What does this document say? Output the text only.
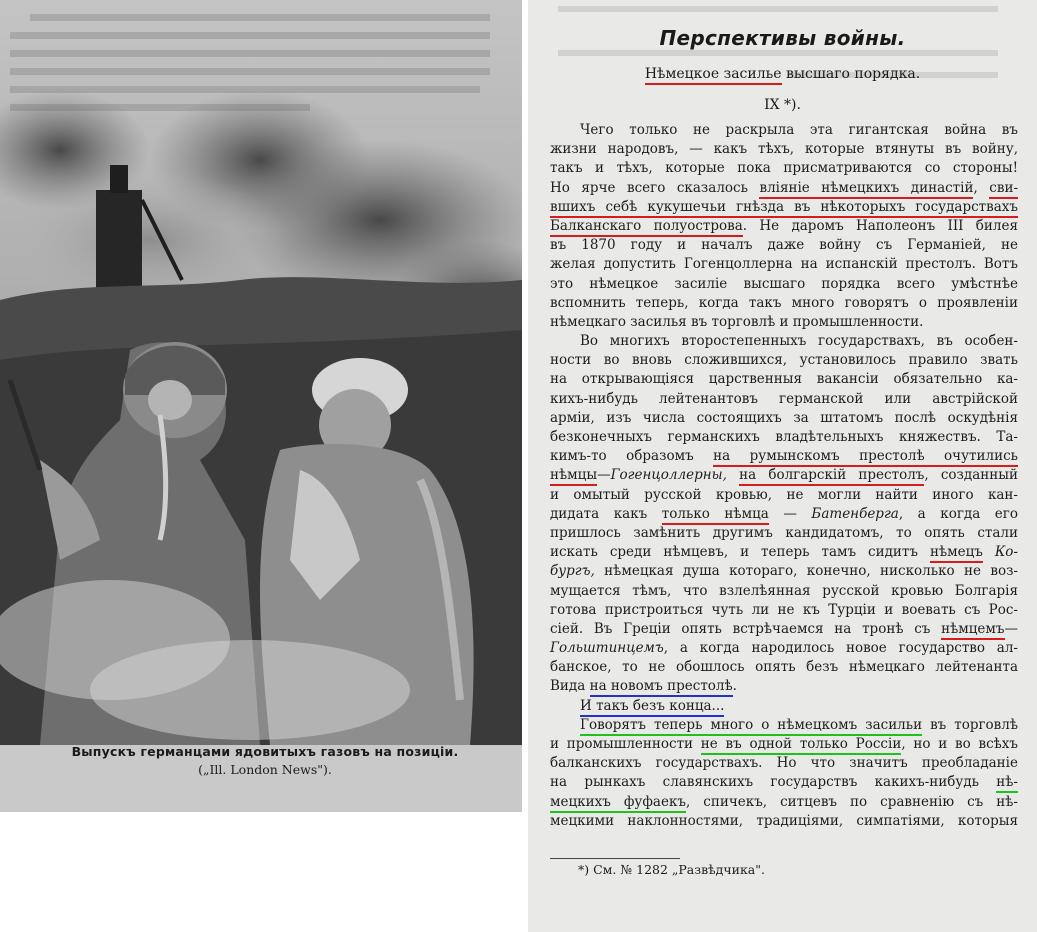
Выпускъ германцами ядовитыхъ газовъ на позиціи.
(„Ill. London News").
Перспективы войны.
Нѣмецкое засилье высшаго порядка.
IX *).
Чего только не раскрыла эта гигантская война въ
жизни народовъ, — какъ тѣхъ, которые втянуты въ войну,
такъ и тѣхъ, которые пока присматриваются со стороны!
Но ярче всего сказалось вліяніе нѣмецкихъ династій, сви-
вшихъ себѣ кукушечьи гнѣзда въ нѣкоторыхъ государствахъ
Балканскаго полуострова. Не даромъ Наполеонъ III билея
въ 1870 году и началъ даже войну съ Германіей, не
желая допустить Гогенцоллерна на испанскій престолъ. Вотъ
это нѣмецкое засиліе высшаго порядка всего умѣстнѣе
вспомнить теперь, когда такъ много говорятъ о проявленіи
нѣмецкаго засилья въ торговлѣ и промышленности.
Во многихъ второстепенныхъ государствахъ, въ особен-
ности во вновь сложившихся, установилось правило звать
на открывающіяся царственныя вакансіи обязательно ка-
кихъ-нибудь лейтенантовъ германской или австрійской
арміи, изъ числа состоящихъ за штатомъ послѣ оскудѣнія
безконечныхъ германскихъ владѣтельныхъ княжествъ. Та-
кимъ-то образомъ на румынскомъ престолѣ очутились
нѣмцы—Гогенцоллерны, на болгарскій престолъ, созданный
и омытый русской кровью, не могли найти иного кан-
дидата какъ только нѣмца — Батенберга, а когда его
пришлось замѣнить другимъ кандидатомъ, то опять стали
искать среди нѣмцевъ, и теперь тамъ сидитъ нѣмецъ Ко-
бургъ, нѣмецкая душа котораго, конечно, нисколько не воз-
мущается тѣмъ, что взлелѣянная русской кровью Болгарія
готова пристроиться чуть ли не къ Турціи и воевать съ Рос-
сіей. Въ Греціи опять встрѣчаемся на тронѣ съ нѣмцемъ—
Гольштинцемъ, а когда народилось новое государство ал-
банское, то не обошлось опять безъ нѣмецкаго лейтенанта
Вида на новомъ престолѣ.
И такъ безъ конца...
Говорятъ теперь много о нѣмецкомъ засильи въ торговлѣ
и промышленности не въ одной только Россіи, но и во всѣхъ
балканскихъ государствахъ. Но что значитъ преобладаніе
на рынкахъ славянскихъ государствъ какихъ-нибудь нѣ-
мецкихъ фуфаекъ, спичекъ, ситцевъ по сравненію съ нѣ-
мецкими наклонностями, традиціями, симпатіями, которыя
*) См. № 1282 „Развѣдчика".
